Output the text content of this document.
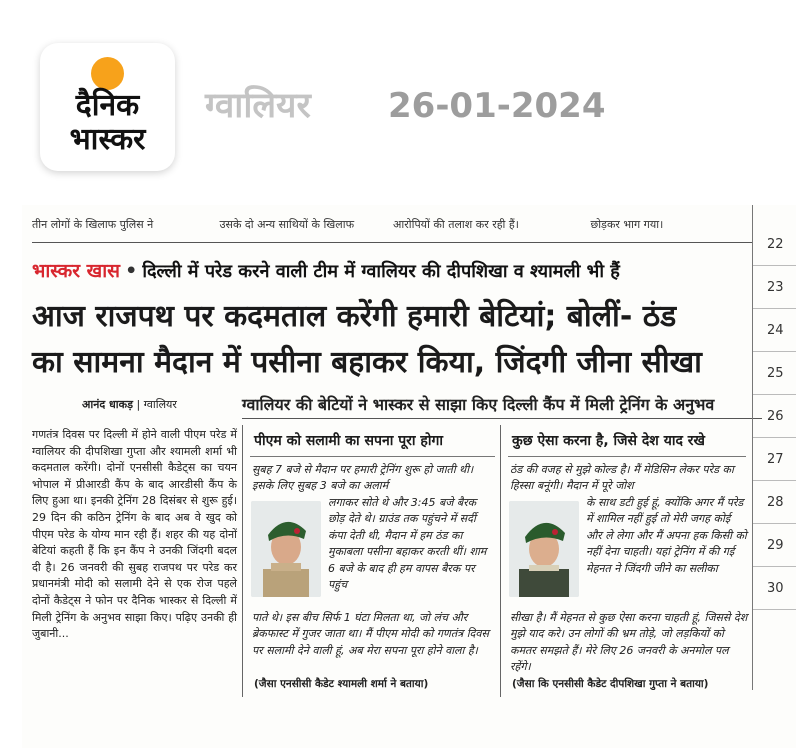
दैनिक
भास्कर
ग्वालियर 26-01-2024
तीन लोगों के खिलाफ पुलिस ने	उसके दो अन्य साथियों के खिलाफ	आरोपियों की तलाश कर रही हैं।	छोड़कर भाग गया।
भास्कर खास • दिल्ली में परेड करने वाली टीम में ग्वालियर की दीपशिखा व श्यामली भी हैं
आज राजपथ पर कदमताल करेंगी हमारी बेटियां; बोलीं- ठंड
का सामना मैदान में पसीना बहाकर किया, जिंदगी जीना सीखा
आनंद धाकड़ | ग्वालियर	ग्वालियर की बेटियों ने भास्कर से साझा किए दिल्ली कैंप में मिली ट्रेनिंग के अनुभव
गणतंत्र दिवस पर दिल्ली में होने वाली पीएम परेड में ग्वालियर की दीपशिखा गुप्ता और श्यामली शर्मा भी कदमताल करेंगी। दोनों एनसीसी कैडेट्स का चयन भोपाल में प्रीआरडी कैंप के बाद आरडीसी कैंप के लिए हुआ था। इनकी ट्रेनिंग 28 दिसंबर से शुरू हुई। 29 दिन की कठिन ट्रेनिंग के बाद अब वे खुद को पीएम परेड के योग्य मान रही हैं। शहर की यह दोनों बेटियां कहती हैं कि इन कैंप ने उनकी जिंदगी बदल दी है। 26 जनवरी की सुबह राजपथ पर परेड कर प्रधानमंत्री मोदी को सलामी देने से एक रोज पहले दोनों कैडेट्स ने फोन पर दैनिक भास्कर से दिल्ली में मिली ट्रेनिंग के अनुभव साझा किए। पढ़िए उनकी ही जुबानी...
पीएम को सलामी का सपना पूरा होगा
सुबह 7 बजे से मैदान पर हमारी ट्रेनिंग शुरू हो जाती थी। इसके लिए सुबह 3 बजे का अलार्म
लगाकर सोते थे और 3:45 बजे बैरक छोड़ देते थे। ग्राउंड तक पहुंचने में सर्दी कंपा देती थी, मैदान में हम ठंड का मुकाबला पसीना बहाकर करती थीं। शाम 6 बजे के बाद ही हम वापस बैरक पर पहुंच
पाते थे। इस बीच सिर्फ 1 घंटा मिलता था, जो लंच और ब्रेकफास्ट में गुजर जाता था। मैं पीएम मोदी को गणतंत्र दिवस पर सलामी देने वाली हूं, अब मेरा सपना पूरा होने वाला है।
(जैसा एनसीसी कैडेट श्यामली शर्मा ने बताया)
कुछ ऐसा करना है, जिसे देश याद रखे
ठंड की वजह से मुझे कोल्ड है। मैं मेडिसिन लेकर परेड का हिस्सा बनूंगी। मैदान में पूरे जोश
के साथ डटी हुई हूं, क्योंकि अगर मैं परेड में शामिल नहीं हुई तो मेरी जगह कोई और ले लेगा और मैं अपना हक किसी को नहीं देना चाहती। यहां ट्रेनिंग में की गई मेहनत ने जिंदगी जीने का सलीका
सीखा है। मैं मेहनत से कुछ ऐसा करना चाहती हूं, जिससे देश मुझे याद करे। उन लोगों की भ्रम तोड़े, जो लड़कियों को कमतर समझते हैं। मेरे लिए 26 जनवरी के अनमोल पल रहेंगे।
(जैसा कि एनसीसी कैडेट दीपशिखा गुप्ता ने बताया)
22
23
24
25
26
27
28
29
30
